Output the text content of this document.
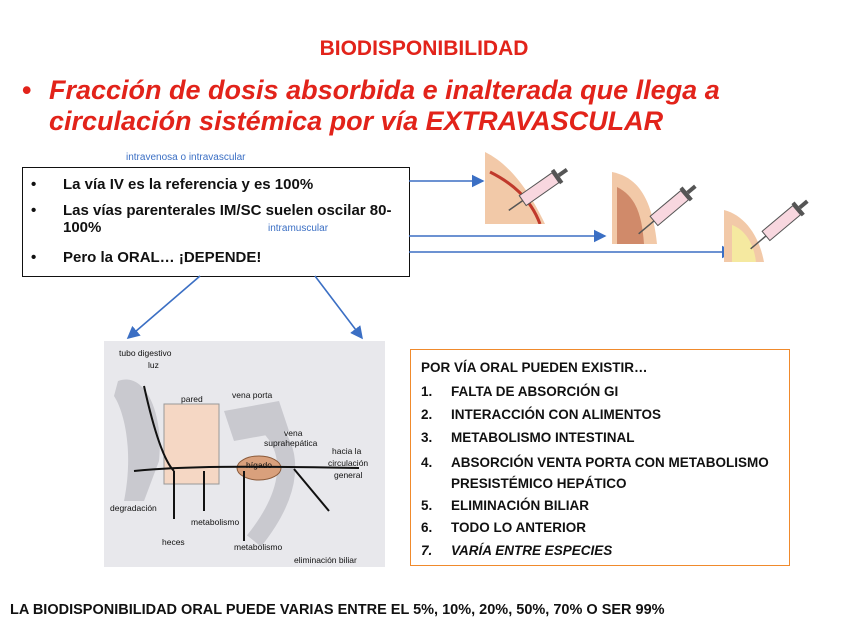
BIODISPONIBILIDAD
• Fracción de dosis absorbida e inalterada que llega a circulación sistémica por vía EXTRAVASCULAR
intravenosa o intravascular
• La vía IV es la referencia y es 100%
• Las vías parenterales IM/SC suelen oscilar 80-100%
• Pero la ORAL… ¡DEPENDE!
intramuscular
tubo digestivo
luz
pared	vena porta
vena
suprahepática
hígado
hacia la
circulación
general
degradación
metabolismo
heces	metabolismo
eliminación biliar
POR VÍA ORAL PUEDEN EXISTIR…
1. FALTA DE ABSORCIÓN GI
2. INTERACCIÓN CON ALIMENTOS
3. METABOLISMO INTESTINAL
4. ABSORCIÓN VENTA PORTA CON METABOLISMO PRESISTÉMICO HEPÁTICO
5. ELIMINACIÓN BILIAR
6. TODO LO ANTERIOR
7. VARÍA ENTRE ESPECIES
LA BIODISPONIBILIDAD ORAL PUEDE VARIAS ENTRE EL 5%, 10%, 20%, 50%, 70% O SER 99%
